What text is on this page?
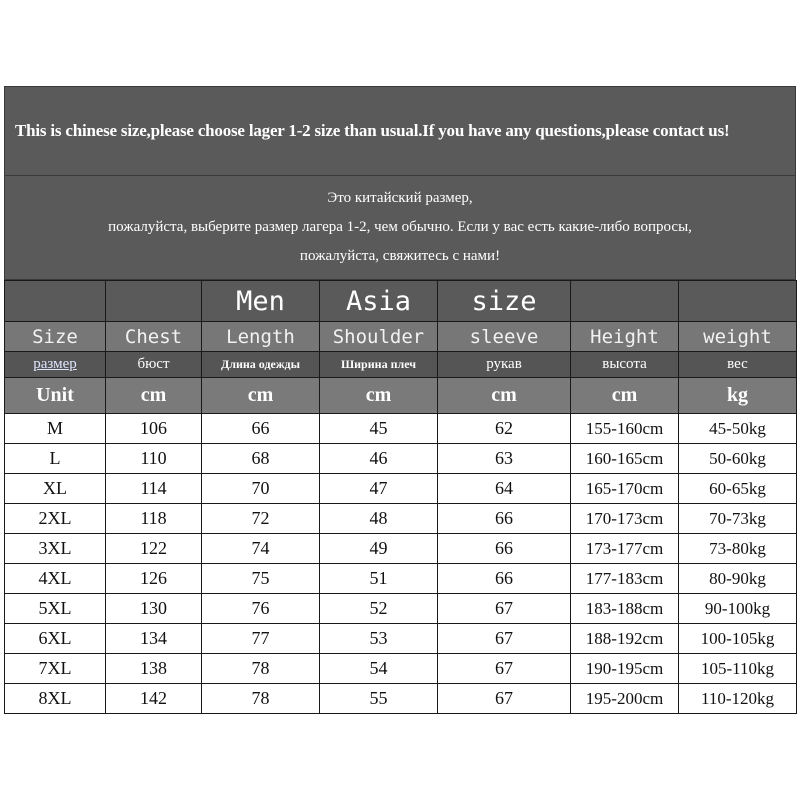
This is chinese size,please choose lager 1-2 size than usual.If you have any questions,please contact us!
Это китайский размер,
пожалуйста, выберите размер лагера 1-2, чем обычно. Если у вас есть какие-либо вопросы,
пожалуйста, свяжитесь с нами!
		Men	Asia	size		
Size	Chest	Length	Shoulder	sleeve	Height	weight
размер	бюст	Длина одежды	Ширина плеч	рукав	высота	вес
Unit	cm	cm	cm	cm	cm	kg
M	106	66	45	62	155-160cm	45-50kg
L	110	68	46	63	160-165cm	50-60kg
XL	114	70	47	64	165-170cm	60-65kg
2XL	118	72	48	66	170-173cm	70-73kg
3XL	122	74	49	66	173-177cm	73-80kg
4XL	126	75	51	66	177-183cm	80-90kg
5XL	130	76	52	67	183-188cm	90-100kg
6XL	134	77	53	67	188-192cm	100-105kg
7XL	138	78	54	67	190-195cm	105-110kg
8XL	142	78	55	67	195-200cm	110-120kg
